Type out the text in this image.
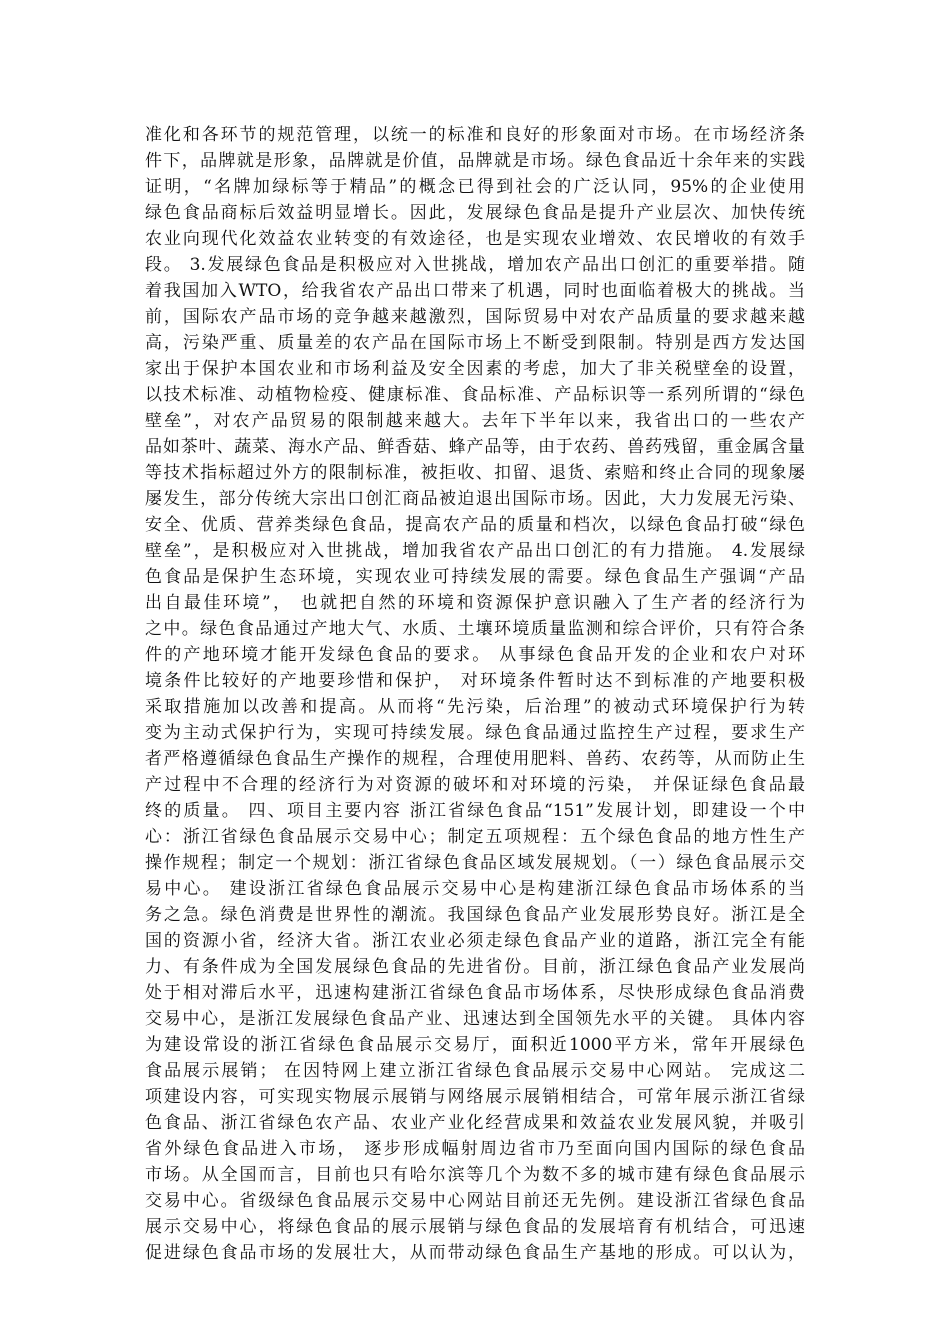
准化和各环节的规范管理，以统一的标准和良好的形象面对市场。在市场经济条
件下，品牌就是形象，品牌就是价值，品牌就是市场。绿色食品近十余年来的实践
证明，“名牌加绿标等于精品”的概念已得到社会的广泛认同，95%的企业使用
绿色食品商标后效益明显增长。因此，发展绿色食品是提升产业层次、加快传统
农业向现代化效益农业转变的有效途径，也是实现农业增效、农民增收的有效手
段。 3.发展绿色食品是积极应对入世挑战，增加农产品出口创汇的重要举措。随
着我国加入WTO，给我省农产品出口带来了机遇，同时也面临着极大的挑战。当
前，国际农产品市场的竞争越来越激烈，国际贸易中对农产品质量的要求越来越
高，污染严重、质量差的农产品在国际市场上不断受到限制。特别是西方发达国
家出于保护本国农业和市场利益及安全因素的考虑，加大了非关税壁垒的设置，
以技术标准、动植物检疫、健康标准、食品标准、产品标识等一系列所谓的“绿色
壁垒”，对农产品贸易的限制越来越大。去年下半年以来，我省出口的一些农产
品如茶叶、蔬菜、海水产品、鲜香菇、蜂产品等，由于农药、兽药残留，重金属含量
等技术指标超过外方的限制标准，被拒收、扣留、退货、索赔和终止合同的现象屡
屡发生，部分传统大宗出口创汇商品被迫退出国际市场。因此，大力发展无污染、
安全、优质、营养类绿色食品，提高农产品的质量和档次，以绿色食品打破“绿色
壁垒”，是积极应对入世挑战，增加我省农产品出口创汇的有力措施。 4.发展绿
色食品是保护生态环境，实现农业可持续发展的需要。绿色食品生产强调“产品
出自最佳环境”， 也就把自然的环境和资源保护意识融入了生产者的经济行为
之中。绿色食品通过产地大气、水质、土壤环境质量监测和综合评价，只有符合条
件的产地环境才能开发绿色食品的要求。 从事绿色食品开发的企业和农户对环
境条件比较好的产地要珍惜和保护， 对环境条件暂时达不到标准的产地要积极
采取措施加以改善和提高。从而将“先污染，后治理”的被动式环境保护行为转
变为主动式保护行为，实现可持续发展。绿色食品通过监控生产过程，要求生产
者严格遵循绿色食品生产操作的规程，合理使用肥料、兽药、农药等，从而防止生
产过程中不合理的经济行为对资源的破坏和对环境的污染， 并保证绿色食品最
终的质量。 四、项目主要内容 浙江省绿色食品“151”发展计划，即建设一个中
心：浙江省绿色食品展示交易中心；制定五项规程：五个绿色食品的地方性生产
操作规程；制定一个规划：浙江省绿色食品区域发展规划。（一）绿色食品展示交
易中心。 建设浙江省绿色食品展示交易中心是构建浙江绿色食品市场体系的当
务之急。绿色消费是世界性的潮流。我国绿色食品产业发展形势良好。浙江是全
国的资源小省，经济大省。浙江农业必须走绿色食品产业的道路，浙江完全有能
力、有条件成为全国发展绿色食品的先进省份。目前，浙江绿色食品产业发展尚
处于相对滞后水平，迅速构建浙江省绿色食品市场体系，尽快形成绿色食品消费
交易中心，是浙江发展绿色食品产业、迅速达到全国领先水平的关键。 具体内容
为建设常设的浙江省绿色食品展示交易厅，面积近1000平方米，常年开展绿色
食品展示展销； 在因特网上建立浙江省绿色食品展示交易中心网站。 完成这二
项建设内容，可实现实物展示展销与网络展示展销相结合，可常年展示浙江省绿
色食品、浙江省绿色农产品、农业产业化经营成果和效益农业发展风貌，并吸引
省外绿色食品进入市场， 逐步形成幅射周边省市乃至面向国内国际的绿色食品
市场。从全国而言，目前也只有哈尔滨等几个为数不多的城市建有绿色食品展示
交易中心。省级绿色食品展示交易中心网站目前还无先例。建设浙江省绿色食品
展示交易中心，将绿色食品的展示展销与绿色食品的发展培育有机结合，可迅速
促进绿色食品市场的发展壮大，从而带动绿色食品生产基地的形成。可以认为，
